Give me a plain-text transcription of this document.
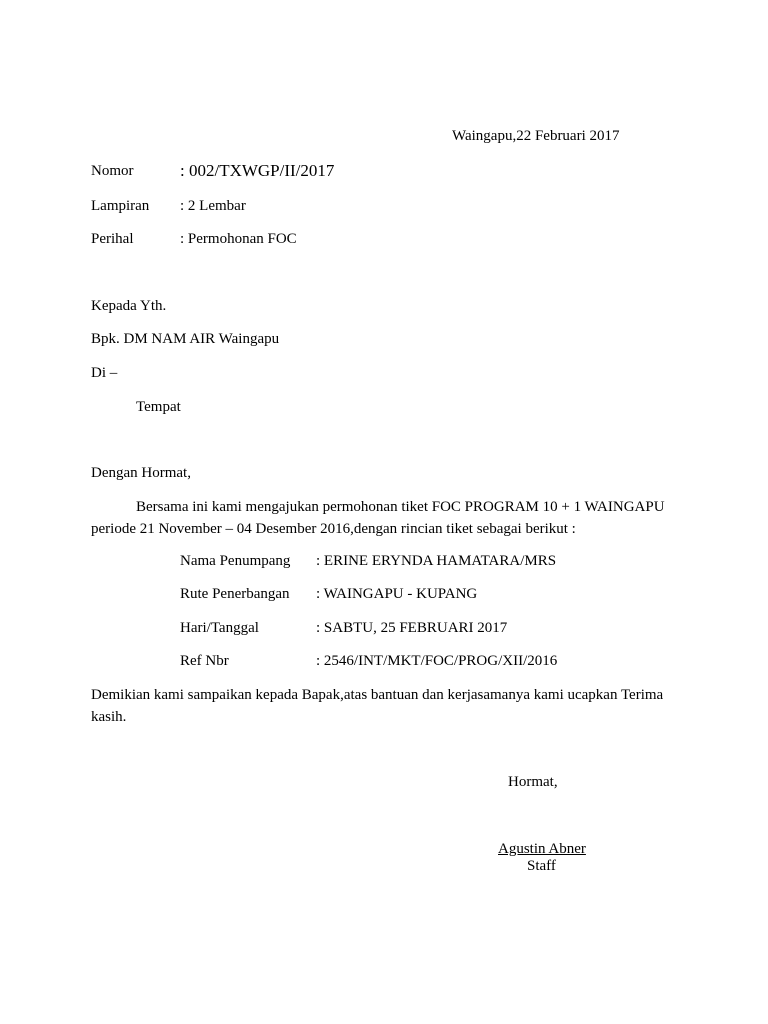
Waingapu,22 Februari 2017
Nomor	: 002/TXWGP/II/2017
Lampiran : 2 Lembar
Perihal	: Permohonan FOC
Kepada Yth.
Bpk. DM NAM AIR Waingapu
Di –
Tempat
Dengan Hormat,
Bersama ini kami mengajukan permohonan tiket FOC PROGRAM 10 + 1 WAINGAPU periode 21 November – 04 Desember 2016,dengan rincian tiket sebagai berikut :
Nama Penumpang : ERINE ERYNDA HAMATARA/MRS
Rute Penerbangan : WAINGAPU - KUPANG
Hari/Tanggal	: SABTU, 25 FEBRUARI 2017
Ref Nbr	: 2546/INT/MKT/FOC/PROG/XII/2016
Demikian kami sampaikan kepada Bapak,atas bantuan dan kerjasamanya kami ucapkan Terima kasih.
Hormat,
Agustin Abner
Staff
